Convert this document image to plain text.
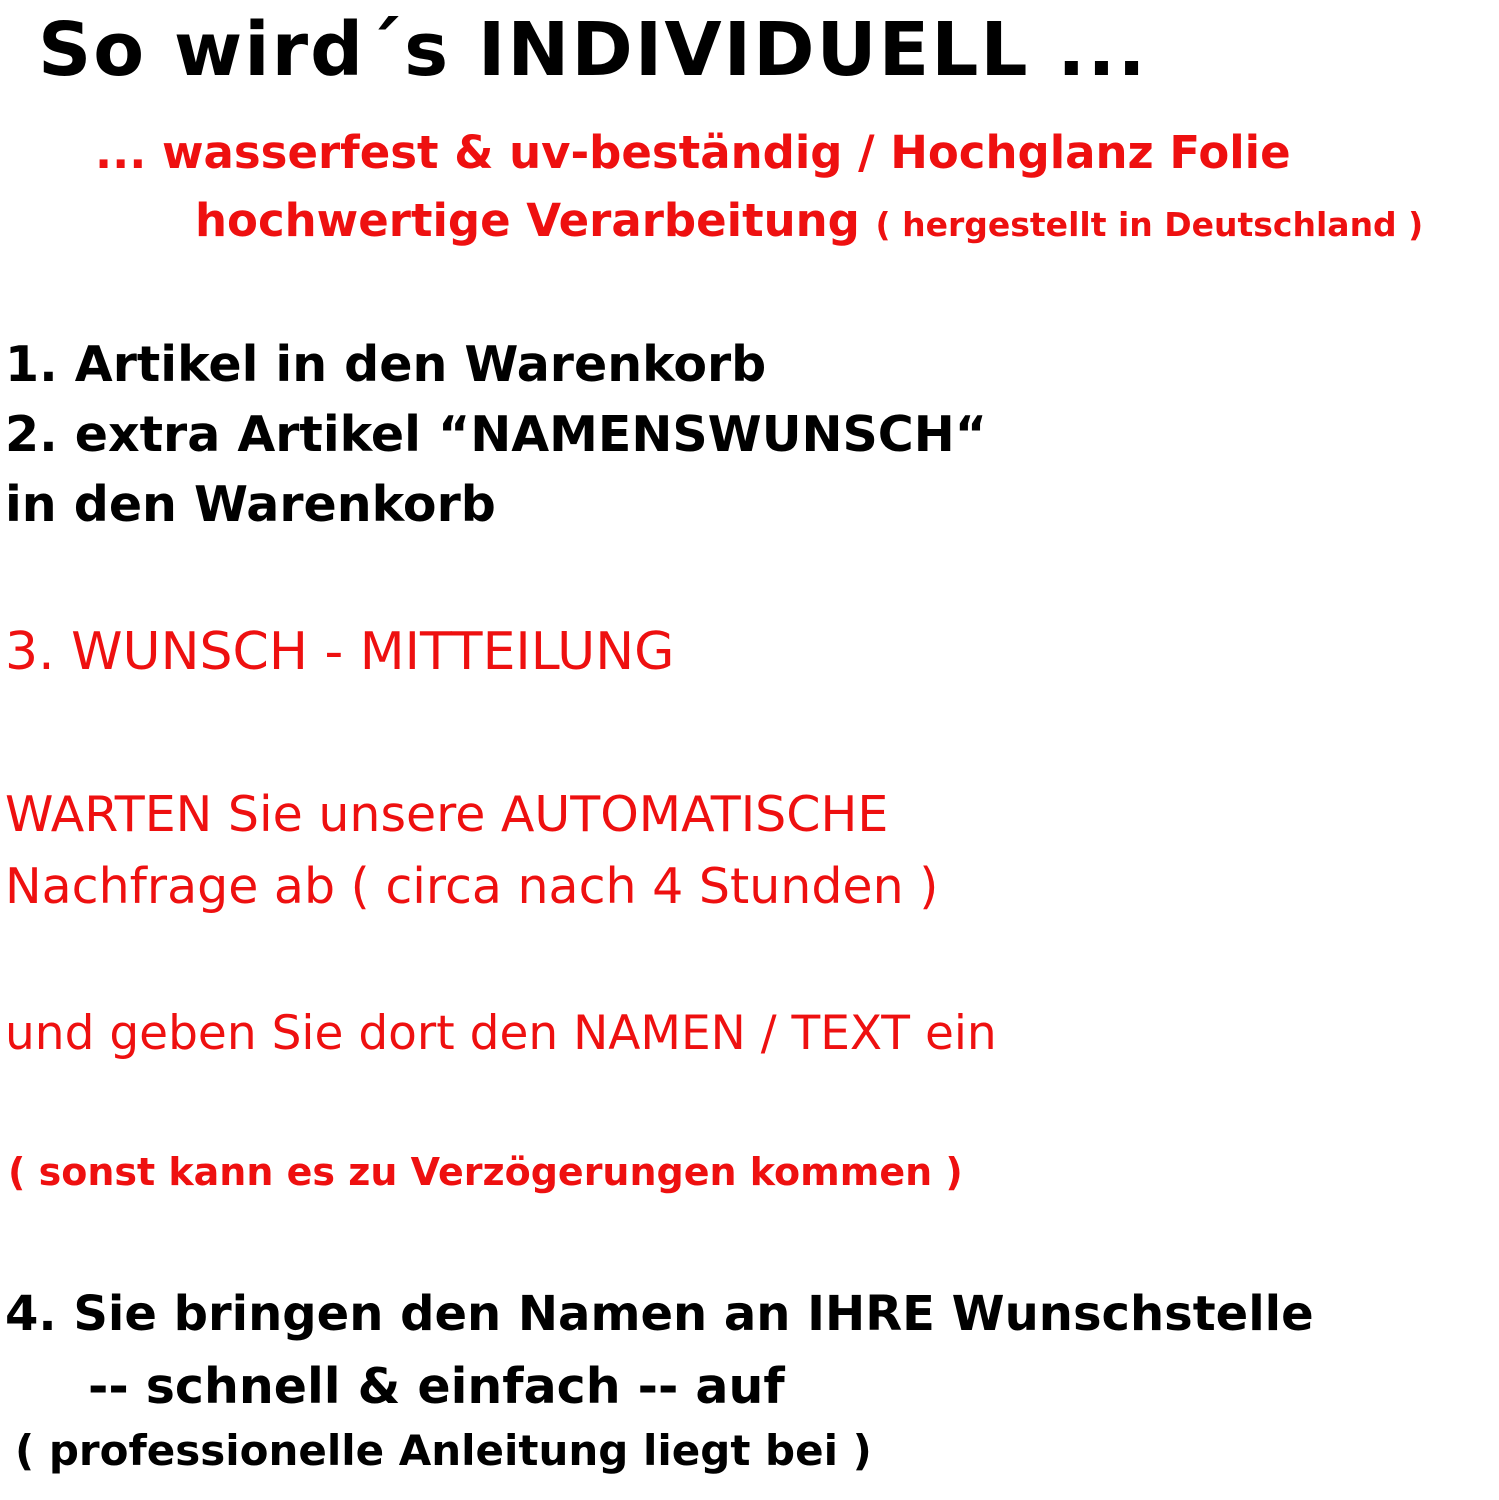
So wird´s INDIVIDUELL ...
... wasserfest & uv-beständig / Hochglanz Folie
hochwertige Verarbeitung ( hergestellt in Deutschland )
1. Artikel in den Warenkorb
2. extra Artikel “NAMENSWUNSCH“
in den Warenkorb
3. WUNSCH - MITTEILUNG
WARTEN Sie unsere AUTOMATISCHE
Nachfrage ab ( circa nach 4 Stunden )
und geben Sie dort den NAMEN / TEXT ein
( sonst kann es zu Verzögerungen kommen )
4. Sie bringen den Namen an IHRE Wunschstelle
-- schnell & einfach -- auf
( professionelle Anleitung liegt bei )
